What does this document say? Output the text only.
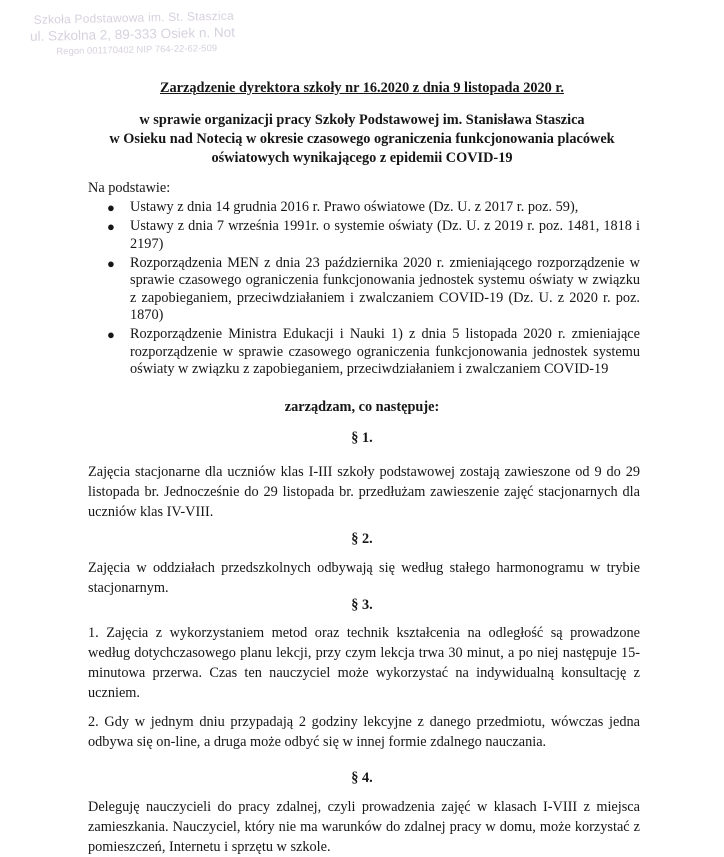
Szkoła Podstawowa im. St. Staszica
ul. Szkolna 2, 89-333 Osiek n. Not
Regon 001170402 NIP 764-22-62-509
Zarządzenie dyrektora szkoły nr 16.2020 z dnia 9 listopada 2020 r.
w sprawie organizacji pracy Szkoły Podstawowej im. Stanisława Staszica
w Osieku nad Notecią w okresie czasowego ograniczenia funkcjonowania placówek
oświatowych wynikającego z epidemii COVID-19
Na podstawie:
● Ustawy z dnia 14 grudnia 2016 r. Prawo oświatowe (Dz. U. z 2017 r. poz. 59),
● Ustawy z dnia 7 września 1991r. o systemie oświaty (Dz. U. z 2019 r. poz. 1481, 1818 i 2197)
● Rozporządzenia MEN z dnia 23 października 2020 r. zmieniającego rozporządzenie w sprawie czasowego ograniczenia funkcjonowania jednostek systemu oświaty w związku z zapobieganiem, przeciwdziałaniem i zwalczaniem COVID-19 (Dz. U. z 2020 r. poz. 1870)
● Rozporządzenie Ministra Edukacji i Nauki 1) z dnia 5 listopada 2020 r. zmieniające rozporządzenie w sprawie czasowego ograniczenia funkcjonowania jednostek systemu oświaty w związku z zapobieganiem, przeciwdziałaniem i zwalczaniem COVID-19
zarządzam, co następuje:
§ 1.

Zajęcia stacjonarne dla uczniów klas I-III szkoły podstawowej zostają zawieszone od 9 do 29 listopada br. Jednocześnie do 29 listopada br. przedłużam zawieszenie zajęć stacjonarnych dla uczniów klas IV-VIII.

§ 2.

Zajęcia w oddziałach przedszkolnych odbywają się według stałego harmonogramu w trybie stacjonarnym.

§ 3.

1. Zajęcia z wykorzystaniem metod oraz technik kształcenia na odległość są prowadzone według dotychczasowego planu lekcji, przy czym lekcja trwa 30 minut, a po niej następuje 15-minutowa przerwa. Czas ten nauczyciel może wykorzystać na indywidualną konsultację z uczniem.

2. Gdy w jednym dniu przypadają 2 godziny lekcyjne z danego przedmiotu, wówczas jedna odbywa się on-line, a druga może odbyć się w innej formie zdalnego nauczania.

§ 4.

Deleguję nauczycieli do pracy zdalnej, czyli prowadzenia zajęć w klasach I-VIII z miejsca zamieszkania. Nauczyciel, który nie ma warunków do zdalnej pracy w domu, może korzystać z pomieszczeń, Internetu i sprzętu w szkole.
